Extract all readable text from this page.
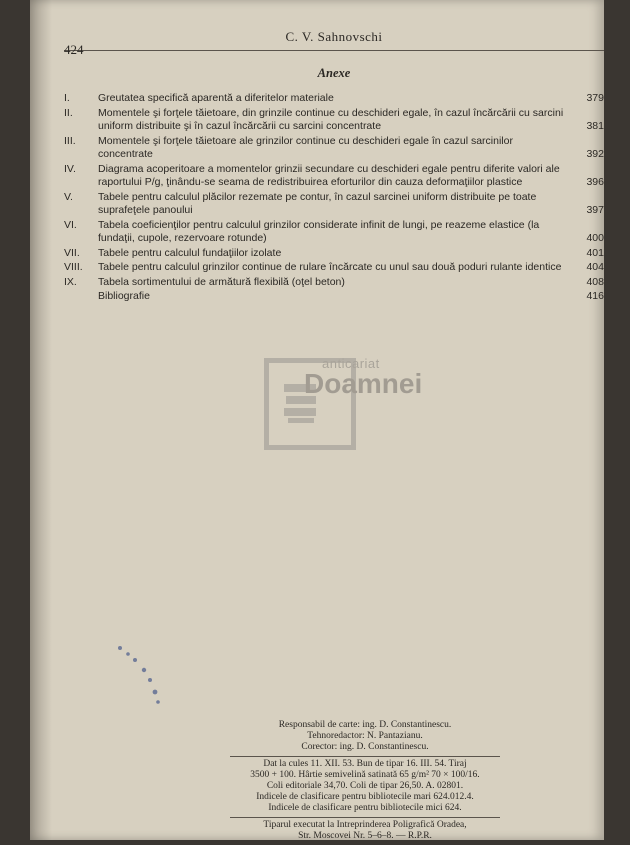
424
C. V. Sahnovschi
Anexe
I.	Greutatea specifică aparentă a diferitelor materiale	379
II.	Momentele şi forţele tăietoare, din grinzile continue cu deschideri egale, în cazul încărcării cu sarcini uniform distribuite şi în cazul încărcării cu sarcini concentrate	381
III.	Momentele şi forţele tăietoare ale grinzilor continue cu deschideri egale în cazul sarcinilor concentrate	392
IV.	Diagrama acoperitoare a momentelor grinzii secundare cu deschideri egale pentru diferite valori ale raportului P/g, ţinându-se seama de redistribuirea eforturilor din cauza deformaţiilor plastice	396
V.	Tabele pentru calculul plăcilor rezemate pe contur, în cazul sarcinei uniform distribuite pe toate suprafeţele panoului	397
VI.	Tabela coeficienţilor pentru calculul grinzilor considerate infinit de lungi, pe reazeme elastice (la fundaţii, cupole, rezervoare rotunde)	400
VII.	Tabele pentru calculul fundaţiilor izolate	401
VIII.	Tabele pentru calculul grinzilor continue de rulare încărcate cu unul sau două poduri rulante identice	404
IX.	Tabela sortimentului de armătură flexibilă (oţel beton)	408
Bibliografie	416
anticariat
Doamnei
Responsabil de carte: ing. D. Constantinescu.
Tehnoredactor: N. Pantazianu.
Corector: ing. D. Constantinescu.
Dat la cules 11. XII. 53. Bun de tipar 16. III. 54. Tiraj
3500 + 100. Hârtie semivelină satinată 65 g/m² 70 × 100/16.
Coli editoriale 34,70. Coli de tipar 26,50. A. 02801.
Indicele de clasificare pentru bibliotecile mari 624.012.4.
Indicele de clasificare pentru bibliotecile mici 624.
Tiparul executat la Intreprinderea Poligrafică Oradea,
Str. Moscovei Nr. 5–6–8. — R.P.R.
